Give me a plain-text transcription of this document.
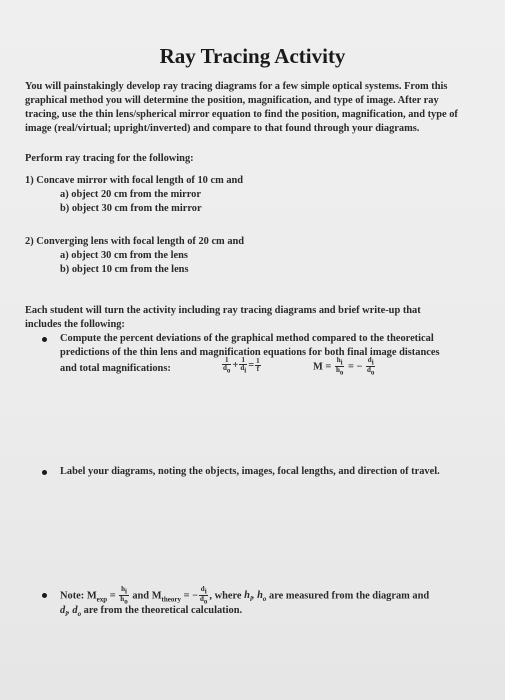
Ray Tracing Activity
You will painstakingly develop ray tracing diagrams for a few simple optical systems. From this graphical method you will determine the position, magnification, and type of image. After ray tracing, use the thin lens/spherical mirror equation to find the position, magnification, and type of image (real/virtual; upright/inverted) and compare to that found through your diagrams.
Perform ray tracing for the following:
1) Concave mirror with focal length of 10 cm and
a) object 20 cm from the mirror
b) object 30 cm from the mirror
2) Converging lens with focal length of 20 cm and
a) object 30 cm from the lens
b) object 10 cm from the lens
Each student will turn the activity including ray tracing diagrams and brief write-up that
includes the following:
Compute the percent deviations of the graphical method compared to the theoretical
predictions of the thin lens and magnification equations for both final image distances
and total magnifications:	$\frac{1}{d_o} + \frac{1}{d_i} = \frac{1}{f}$	$M = \frac{h_i}{h_o}$ = − $\frac{d_i}{d_o}$
Label your diagrams, noting the objects, images, focal lengths, and direction of travel.
Note: $M_{exp} = \frac{h_i}{h_o}$ and $M_{theory}$ = − $\frac{d_i}{d_o}$ , where $h_i$, $h_o$ are measured from the diagram and
$d_i$, $d_o$ are from the theoretical calculation.
